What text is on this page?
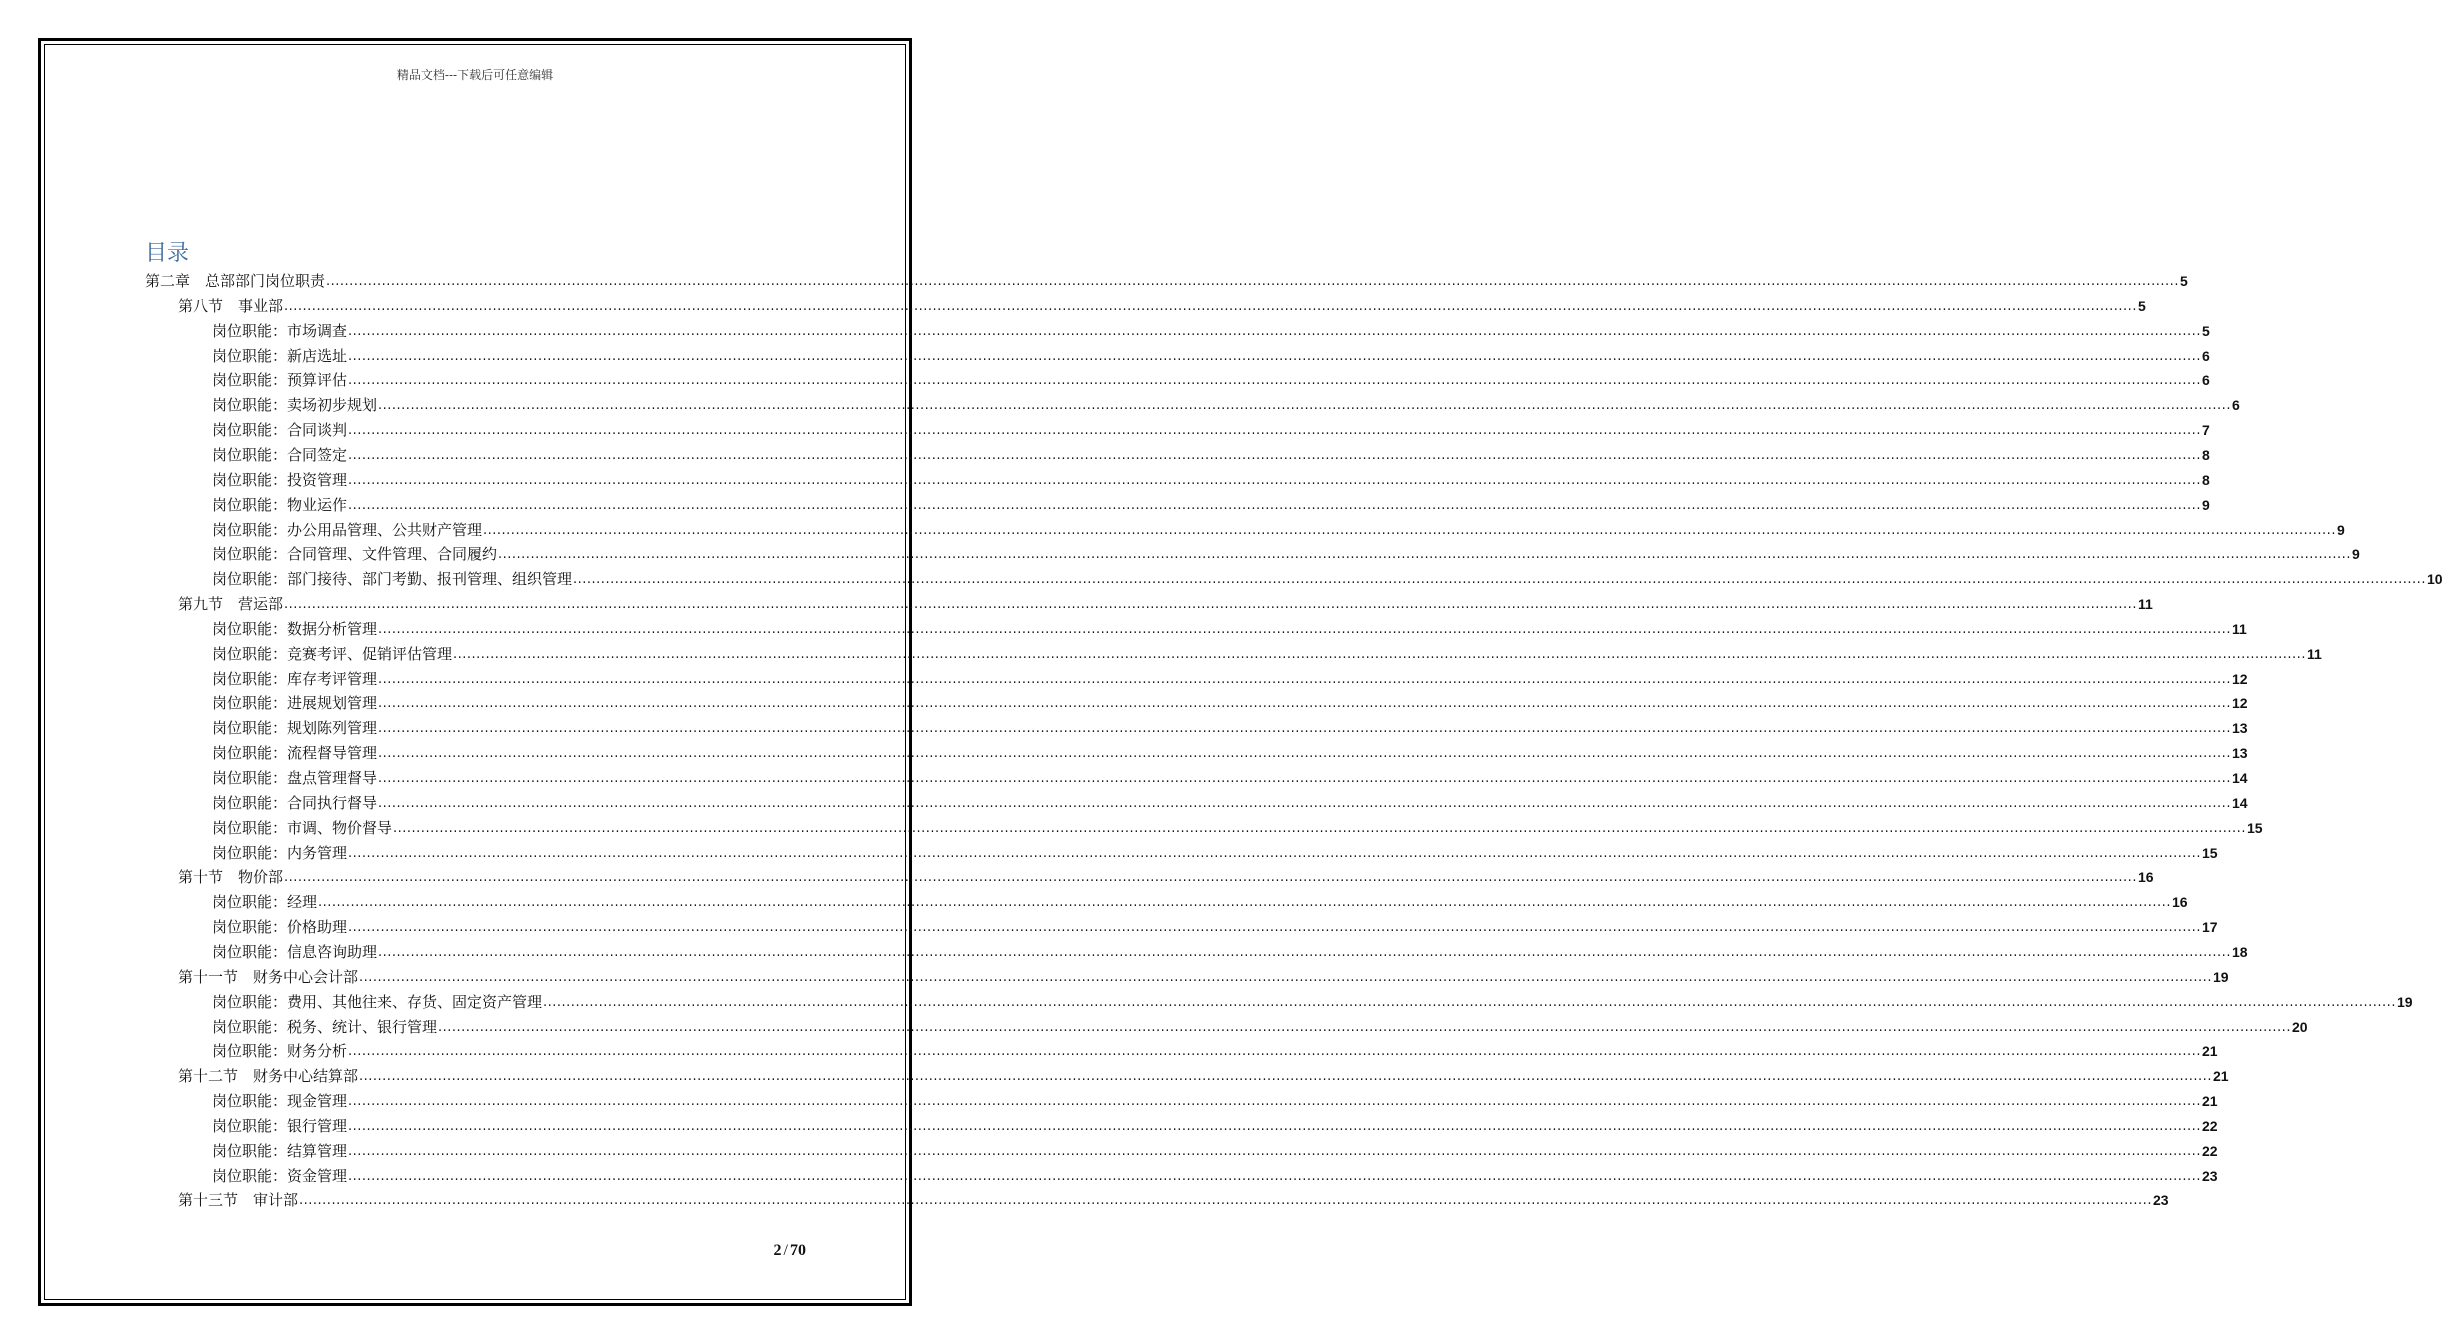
精品文档---下载后可任意编辑
目录
第二章　总部部门岗位职责 ................................................................................................................................................................................................................................................................................................................................................................................................................ 5
第八节　事业部 ................................................................................................................................................................................................................................................................................................................................................................................................................ 5
岗位职能：市场调查 ................................................................................................................................................................................................................................................................................................................................................................................................................ 5
岗位职能：新店选址 ................................................................................................................................................................................................................................................................................................................................................................................................................ 6
岗位职能：预算评估 ................................................................................................................................................................................................................................................................................................................................................................................................................ 6
岗位职能：卖场初步规划 ................................................................................................................................................................................................................................................................................................................................................................................................................ 6
岗位职能：合同谈判 ................................................................................................................................................................................................................................................................................................................................................................................................................ 7
岗位职能：合同签定 ................................................................................................................................................................................................................................................................................................................................................................................................................ 8
岗位职能：投资管理 ................................................................................................................................................................................................................................................................................................................................................................................................................ 8
岗位职能：物业运作 ................................................................................................................................................................................................................................................................................................................................................................................................................ 9
岗位职能：办公用品管理、公共财产管理 ................................................................................................................................................................................................................................................................................................................................................................................................................ 9
岗位职能：合同管理、文件管理、合同履约 ................................................................................................................................................................................................................................................................................................................................................................................................................ 9
岗位职能：部门接待、部门考勤、报刊管理、组织管理 ................................................................................................................................................................................................................................................................................................................................................................................................................ 10
第九节　营运部 ................................................................................................................................................................................................................................................................................................................................................................................................................ 11
岗位职能：数据分析管理 ................................................................................................................................................................................................................................................................................................................................................................................................................ 11
岗位职能：竞赛考评、促销评估管理 ................................................................................................................................................................................................................................................................................................................................................................................................................ 11
岗位职能：库存考评管理 ................................................................................................................................................................................................................................................................................................................................................................................................................ 12
岗位职能：进展规划管理 ................................................................................................................................................................................................................................................................................................................................................................................................................ 12
岗位职能：规划陈列管理 ................................................................................................................................................................................................................................................................................................................................................................................................................ 13
岗位职能：流程督导管理 ................................................................................................................................................................................................................................................................................................................................................................................................................ 13
岗位职能：盘点管理督导 ................................................................................................................................................................................................................................................................................................................................................................................................................ 14
岗位职能：合同执行督导 ................................................................................................................................................................................................................................................................................................................................................................................................................ 14
岗位职能：市调、物价督导 ................................................................................................................................................................................................................................................................................................................................................................................................................ 15
岗位职能：内务管理 ................................................................................................................................................................................................................................................................................................................................................................................................................ 15
第十节　物价部 ................................................................................................................................................................................................................................................................................................................................................................................................................ 16
岗位职能：经理 ................................................................................................................................................................................................................................................................................................................................................................................................................ 16
岗位职能：价格助理 ................................................................................................................................................................................................................................................................................................................................................................................................................ 17
岗位职能：信息咨询助理 ................................................................................................................................................................................................................................................................................................................................................................................................................ 18
第十一节　财务中心会计部 ................................................................................................................................................................................................................................................................................................................................................................................................................ 19
岗位职能：费用、其他往来、存货、固定资产管理 ................................................................................................................................................................................................................................................................................................................................................................................................................ 19
岗位职能：税务、统计、银行管理 ................................................................................................................................................................................................................................................................................................................................................................................................................ 20
岗位职能：财务分析 ................................................................................................................................................................................................................................................................................................................................................................................................................ 21
第十二节　财务中心结算部 ................................................................................................................................................................................................................................................................................................................................................................................................................ 21
岗位职能：现金管理 ................................................................................................................................................................................................................................................................................................................................................................................................................ 21
岗位职能：银行管理 ................................................................................................................................................................................................................................................................................................................................................................................................................ 22
岗位职能：结算管理 ................................................................................................................................................................................................................................................................................................................................................................................................................ 22
岗位职能：资金管理 ................................................................................................................................................................................................................................................................................................................................................................................................................ 23
第十三节　审计部 ................................................................................................................................................................................................................................................................................................................................................................................................................ 23
2 / 70
